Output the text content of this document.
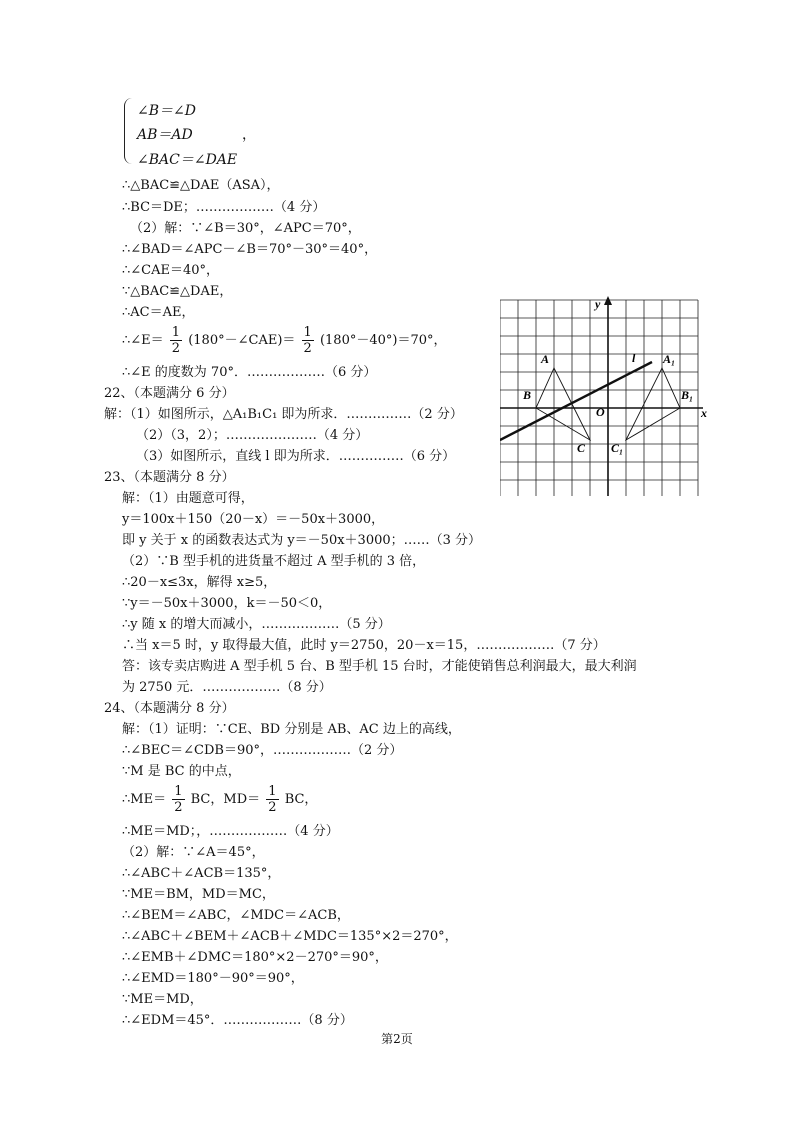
∠B＝∠D
AB＝AD
∠BAC＝∠DAE
，
∴△BAC≌△DAE（ASA），
∴BC＝DE；………………（4 分）
（2）解：∵∠B＝30°，∠APC＝70°，
∴∠BAD＝∠APC－∠B＝70°－30°＝40°，
∴∠CAE＝40°，
∵△BAC≌△DAE，
∴AC＝AE，
∴∠E＝ $\frac{1}{2}$ (180°－∠CAE)＝ $\frac{1}{2} (180^\circ-40^\circ)=70^\circ$，
∴∠E 的度数为 70°．………………（6 分）
22、（本题满分 6 分）
解：（1）如图所示，△A₁B₁C₁ 即为所求．……………（2 分）
（2）（3，2）；…………………（4 分）
（3）如图所示，直线 l 即为所求．……………（6 分）
y
x
O
l
A
B
C
A₁
B₁
C₁
23、（本题满分 8 分）
解：（1）由题意可得，
y＝100x＋150（20－x）＝－50x＋3000，
即 y 关于 x 的函数表达式为 y＝－50x＋3000；……（3 分）
（2）∵B 型手机的进货量不超过 A 型手机的 3 倍，
∴20－x≤3x，解得 x≥5，
∵y＝－50x＋3000，k＝－50＜0，
∴y 随 x 的增大而减小，………………（5 分）
∴当 x＝5 时，y 取得最大值，此时 y＝2750，20－x＝15，………………（7 分）
答：该专卖店购进 A 型手机 5 台、B 型手机 15 台时，才能使销售总利润最大，最大利润
为 2750 元．………………（8 分）
24、（本题满分 8 分）
解：（1）证明：∵CE、BD 分别是 AB、AC 边上的高线，
∴∠BEC＝∠CDB＝90°，………………（2 分）
∵M 是 BC 的中点，
∴ME＝ $\frac{1}{2}$ BC，$MD= \frac{1}{2}$ BC，
∴ME＝MD；，………………（4 分）
（2）解：∵∠A＝45°，
∴∠ABC＋∠ACB＝135°，
∵ME＝BM，MD＝MC，
∴∠BEM＝∠ABC，∠MDC＝∠ACB，
∴∠ABC＋∠BEM＋∠ACB＋∠MDC＝135°×2＝270°，
∴∠EMB＋∠DMC＝180°×2－270°＝90°，
∴∠EMD＝180°－90°＝90°，
∵ME＝MD，
∴∠EDM＝45°．………………（8 分）
第2页
